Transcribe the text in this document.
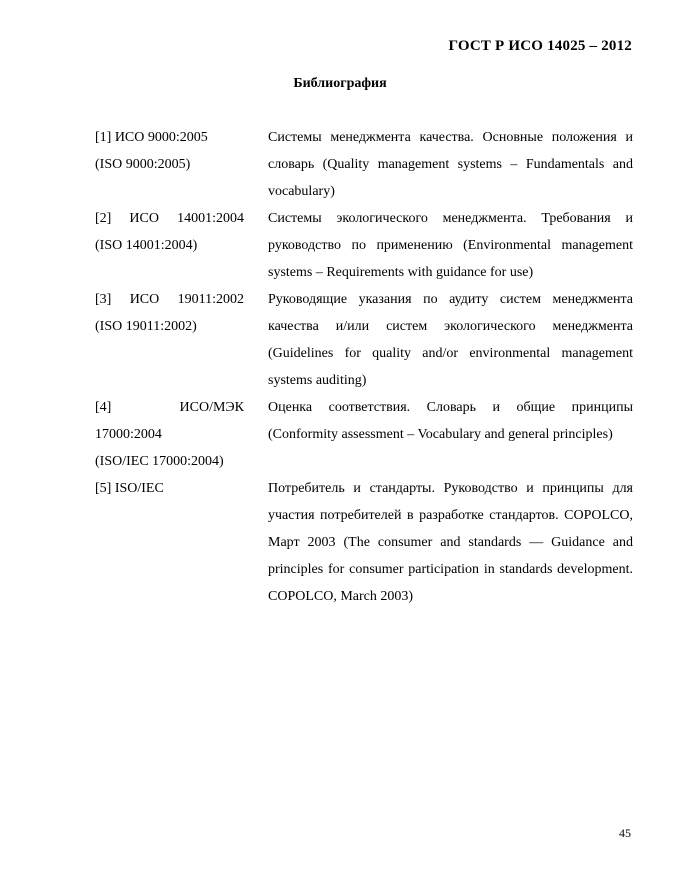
ГОСТ Р ИСО 14025 – 2012
Библиография
[1] ИСО 9000:2005
(ISO 9000:2005)
Системы менеджмента качества. Основные положения и словарь (Quality management systems – Fundamentals and vocabulary)
[2] ИСО 14001:2004
(ISO 14001:2004)
Системы экологического менеджмента. Требования и руководство по применению (Environmental management systems – Requirements with guidance for use)
[3] ИСО 19011:2002
(ISO 19011:2002)
Руководящие указания по аудиту систем менеджмента качества и/или систем экологического менеджмента (Guidelines for quality and/or environmental management systems auditing)
[4] ИСО/МЭК
17000:2004
(ISO/IEC 17000:2004)
Оценка соответствия. Словарь и общие принципы (Conformity assessment – Vocabulary and general principles)
[5] ISO/IEC	Потребитель и стандарты. Руководство и принципы для участия потребителей в разработке стандартов. COPOLCO, Март 2003 (The consumer and standards — Guidance and principles for consumer participation in standards development. COPOLCO, March 2003)
45
